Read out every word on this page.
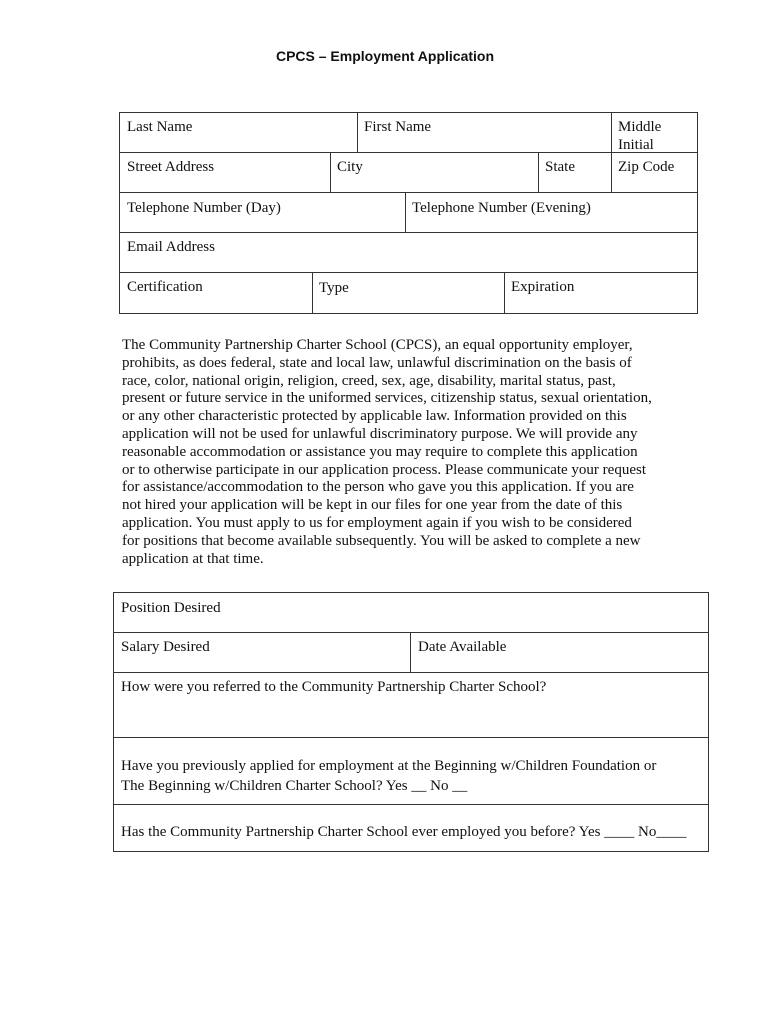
CPCS – Employment Application
Last Name	First Name	Middle
Initial
Street Address	City	State	Zip Code
Telephone Number (Day)	Telephone Number (Evening)
Email Address
Certification	Type	Expiration
The Community Partnership Charter School (CPCS), an equal opportunity employer,
prohibits, as does federal, state and local law, unlawful discrimination on the basis of
race, color, national origin, religion, creed, sex, age, disability, marital status, past,
present or future service in the uniformed services, citizenship status, sexual orientation,
or any other characteristic protected by applicable law. Information provided on this
application will not be used for unlawful discriminatory purpose. We will provide any
reasonable accommodation or assistance you may require to complete this application
or to otherwise participate in our application process. Please communicate your request
for assistance/accommodation to the person who gave you this application. If you are
not hired your application will be kept in our files for one year from the date of this
application. You must apply to us for employment again if you wish to be considered
for positions that become available subsequently. You will be asked to complete a new
application at that time.
Position Desired
Salary Desired	Date Available
How were you referred to the Community Partnership Charter School?
Have you previously applied for employment at the Beginning w/Children Foundation or
The Beginning w/Children Charter School? Yes __ No __
Has the Community Partnership Charter School ever employed you before? Yes ____ No____
